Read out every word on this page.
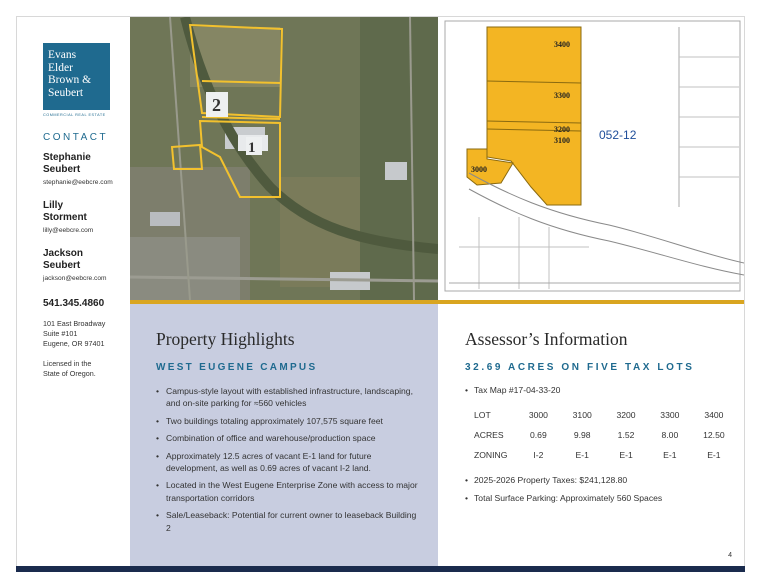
Evans
Elder
Brown &
Seubert
COMMERCIAL REAL ESTATE
CONTACT
Stephanie
Seubert
stephanie@eebcre.com
Lilly
Storment
lilly@eebcre.com
Jackson
Seubert
jackson@eebcre.com
541.345.4860
101 East Broadway
Suite #101
Eugene, OR 97401
Licensed in the
State of Oregon.
2
1
052-12
3400
3300
3200
3100
3000
Property Highlights
WEST EUGENE CAMPUS
• Campus-style layout with established infrastructure, landscaping, and on-site parking for ≈560 vehicles
• Two buildings totaling approximately 107,575 square feet
• Combination of office and warehouse/production space
• Approximately 12.5 acres of vacant E-1 land for future development, as well as 0.69 acres of vacant I-2 land.
• Located in the West Eugene Enterprise Zone with access to major transportation corridors
• Sale/Leaseback: Potential for current owner to leaseback Building 2
Assessor’s Information
32.69 ACRES ON FIVE TAX LOTS
• Tax Map #17-04-33-20
LOT	3000	3100	3200	3300	3400
ACRES	0.69	9.98	1.52	8.00	12.50
ZONING	I-2	E-1	E-1	E-1	E-1
• 2025-2026 Property Taxes: $241,128.80
• Total Surface Parking: Approximately 560 Spaces
4
